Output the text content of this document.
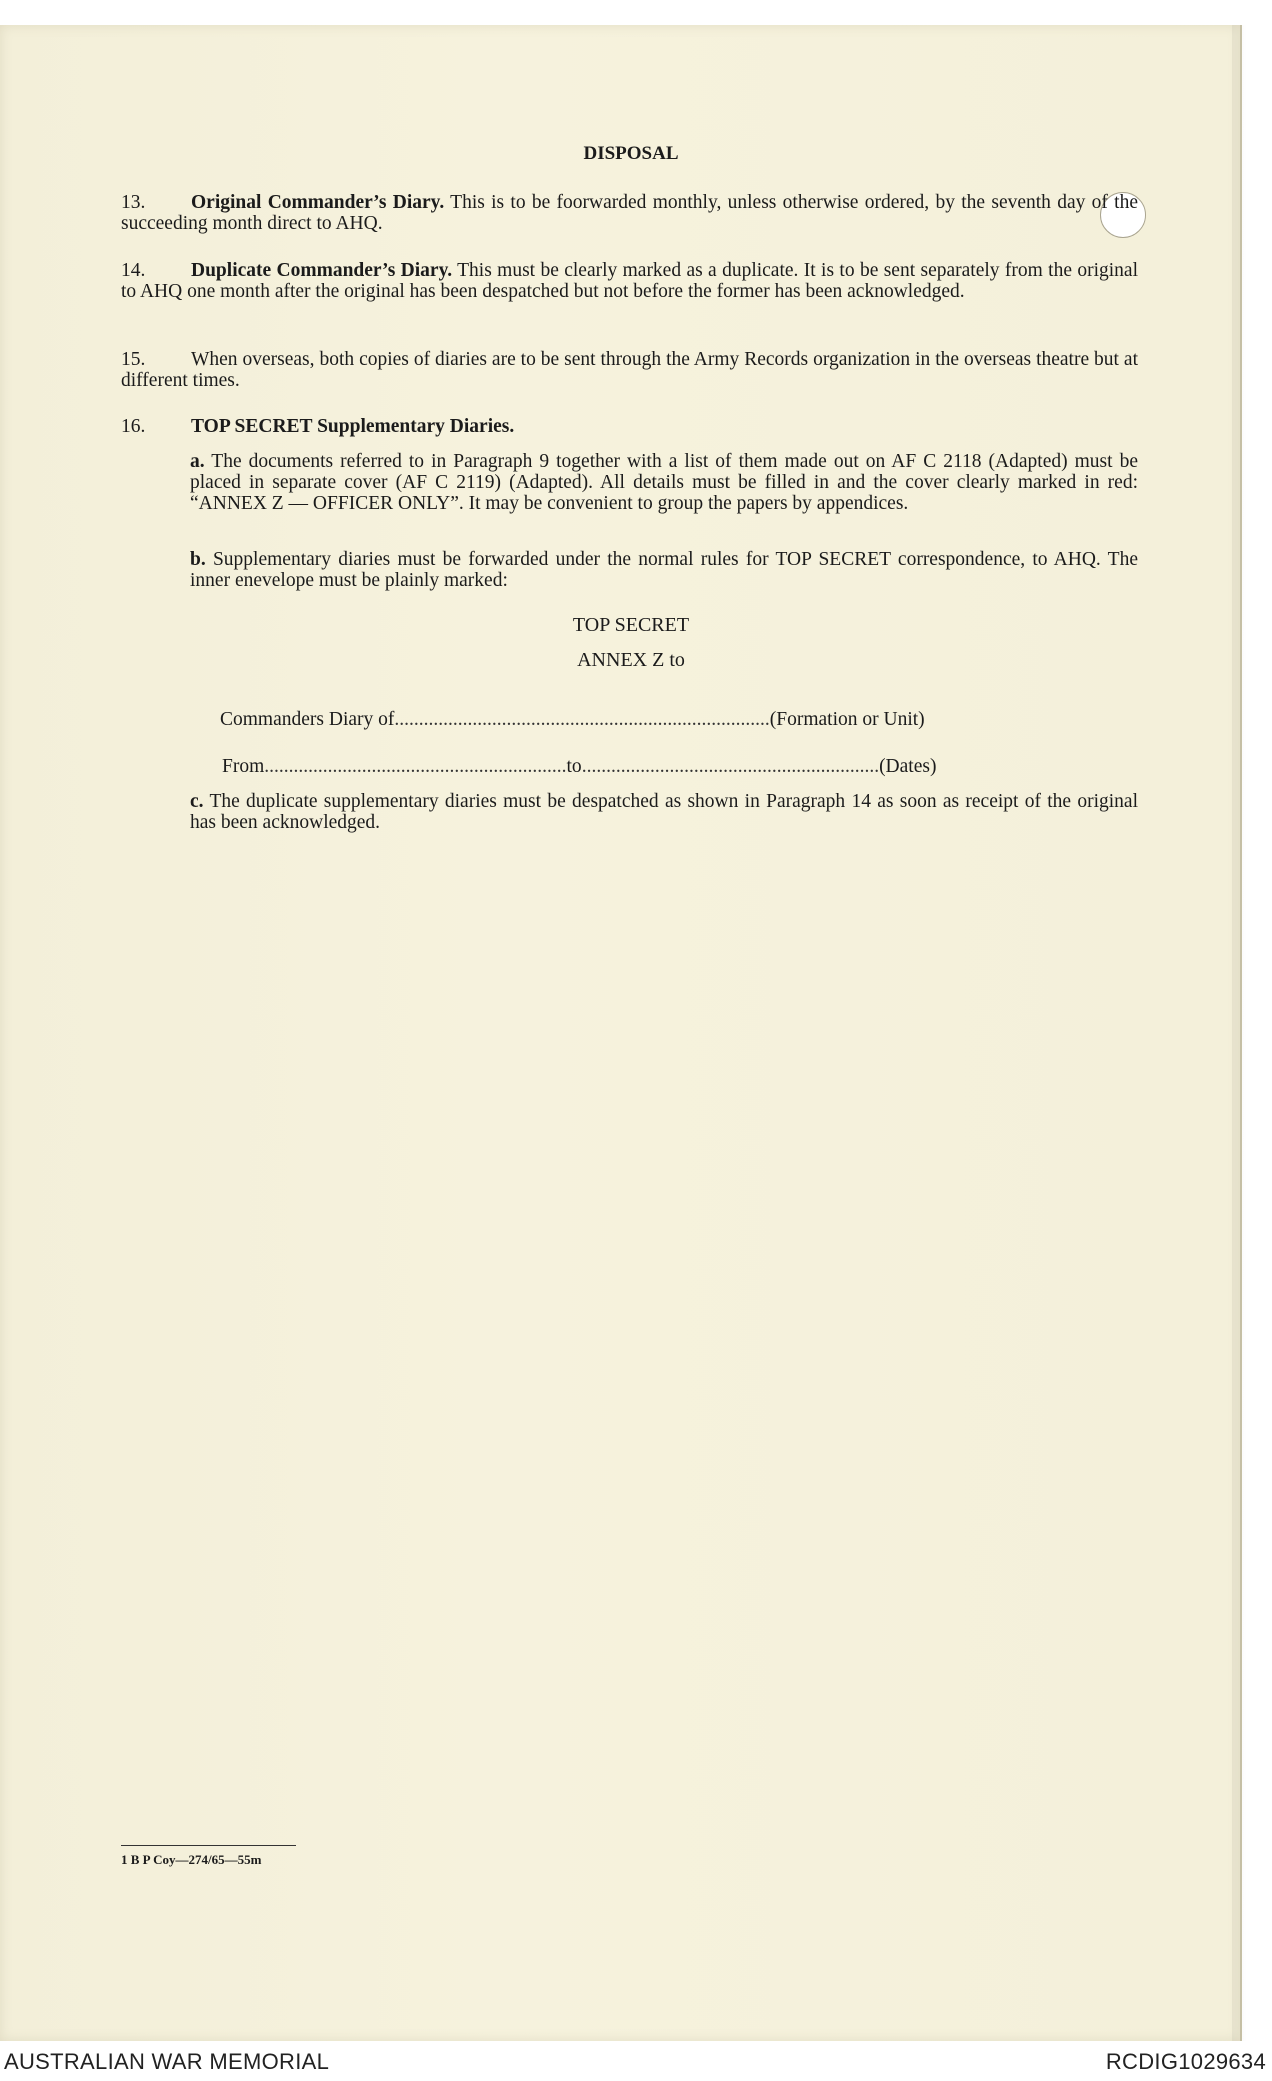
DISPOSAL
13. Original Commander’s Diary. This is to be foorwarded monthly, unless otherwise ordered, by the seventh day of the succeeding month direct to AHQ.
14. Duplicate Commander’s Diary. This must be clearly marked as a duplicate. It is to be sent separately from the original to AHQ one month after the original has been despatched but not before the former has been acknowledged.
15. When overseas, both copies of diaries are to be sent through the Army Records organization in the overseas theatre but at different times.
16. TOP SECRET Supplementary Diaries.
a. The documents referred to in Paragraph 9 together with a list of them made out on AF C 2118 (Adapted) must be placed in separate cover (AF C 2119) (Adapted). All details must be filled in and the cover clearly marked in red: “ANNEX Z — OFFICER ONLY”. It may be convenient to group the papers by appendices.
b. Supplementary diaries must be forwarded under the normal rules for TOP SECRET correspondence, to AHQ. The inner enevelope must be plainly marked:
TOP SECRET
ANNEX Z to
Commanders Diary of.............................................................................(Formation or Unit)
From..............................................................to.............................................................(Dates)
c. The duplicate supplementary diaries must be despatched as shown in Paragraph 14 as soon as receipt of the original has been acknowledged.
1 B P Coy—274/65—55m
AUSTRALIAN WAR MEMORIAL	RCDIG1029634
